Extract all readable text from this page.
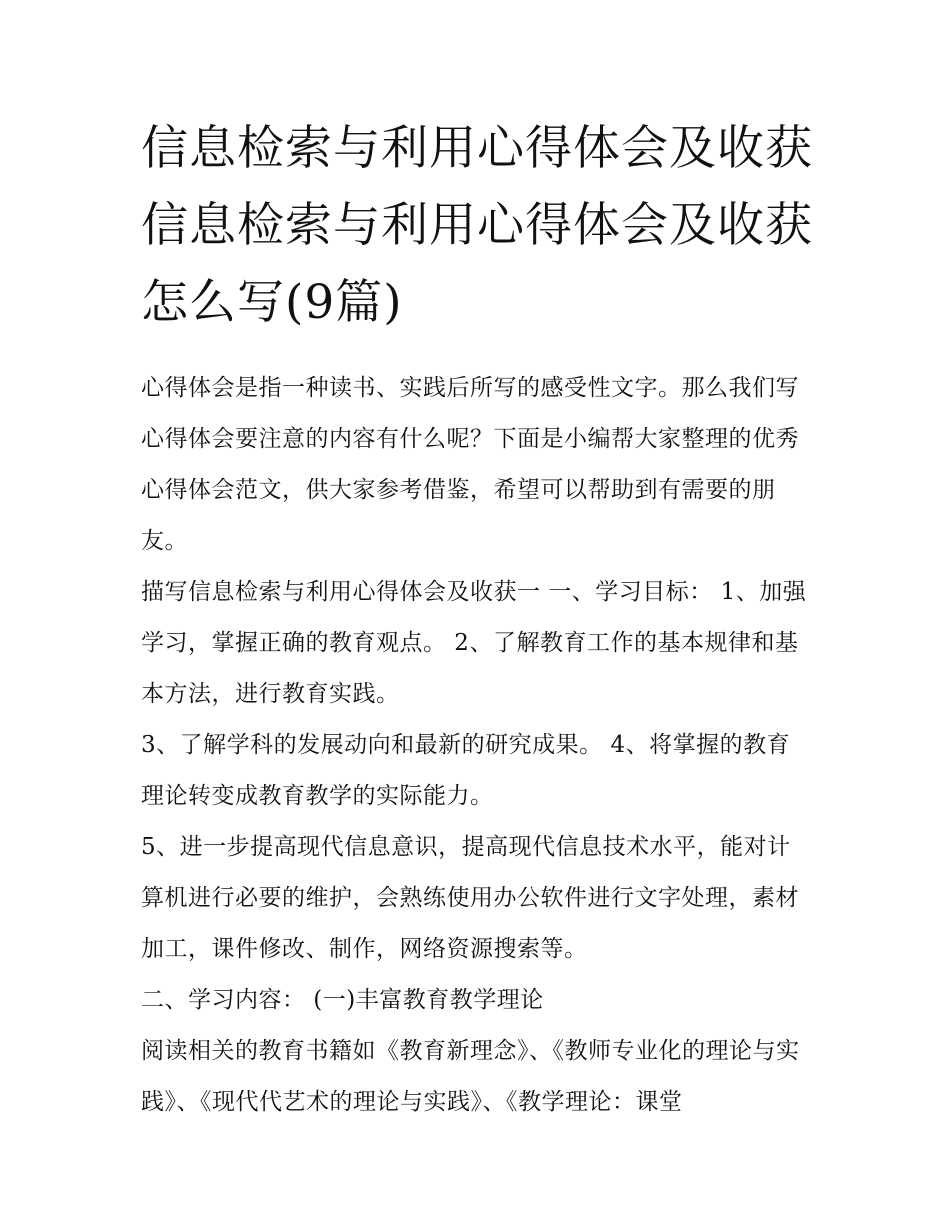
信息检索与利用心得体会及收获 信息检索与利用心得体会及收获怎么写(9篇)

心得体会是指一种读书、实践后所写的感受性文字。那么我们写心得体会要注意的内容有什么呢？下面是小编帮大家整理的优秀心得体会范文，供大家参考借鉴，希望可以帮助到有需要的朋友。

描写信息检索与利用心得体会及收获一 一、学习目标： 1、加强学习，掌握正确的教育观点。 2、了解教育工作的基本规律和基本方法，进行教育实践。

3、了解学科的发展动向和最新的研究成果。 4、将掌握的教育理论转变成教育教学的实际能力。

5、进一步提高现代信息意识，提高现代信息技术水平，能对计算机进行必要的维护，会熟练使用办公软件进行文字处理，素材加工，课件修改、制作，网络资源搜索等。

二、学习内容： (一)丰富教育教学理论

阅读相关的教育书籍如《教育新理念》、《教师专业化的理论与实践》、《现代代艺术的理论与实践》、《教学理论：课堂
